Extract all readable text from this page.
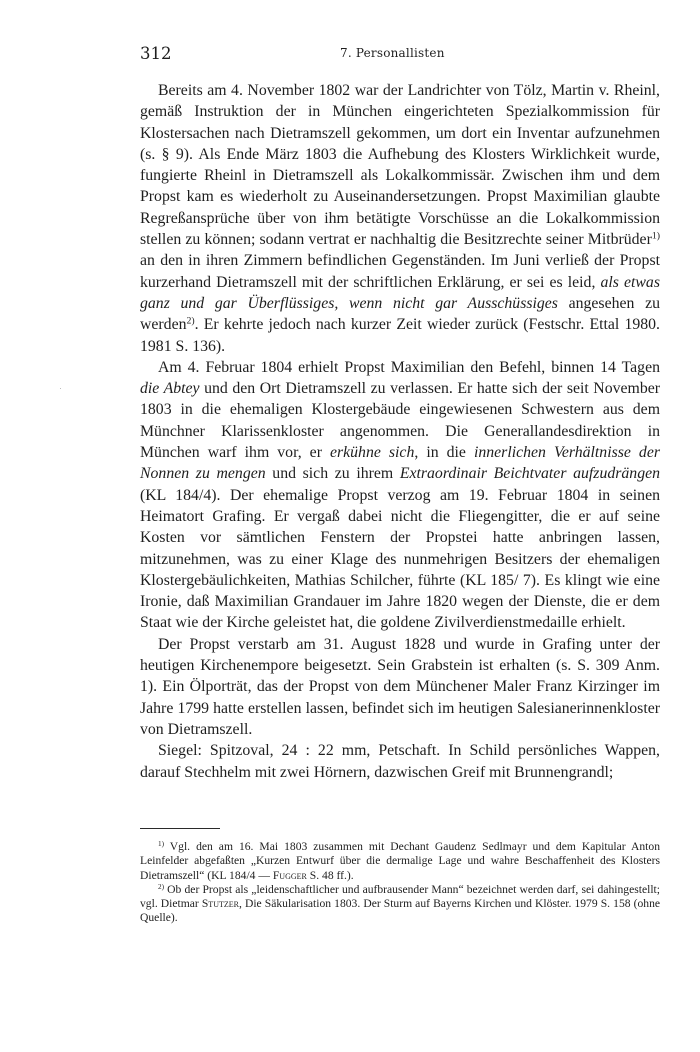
312	7. Personallisten

Bereits am 4. November 1802 war der Landrichter von Tölz, Martin v. Rheinl, gemäß Instruktion der in München eingerichteten Spezialkommission für Klostersachen nach Dietramszell gekommen, um dort ein Inventar aufzunehmen (s. § 9). Als Ende März 1803 die Aufhebung des Klosters Wirklichkeit wurde, fungierte Rheinl in Dietramszell als Lokalkommissär. Zwischen ihm und dem Propst kam es wiederholt zu Auseinandersetzungen. Propst Maximilian glaubte Regreßansprüche über von ihm betätigte Vorschüsse an die Lokalkommission stellen zu können; sodann vertrat er nachhaltig die Besitzrechte seiner Mitbrüder$^{1)}$ an den in ihren Zimmern befindlichen Gegenständen. Im Juni verließ der Propst kurzerhand Dietramszell mit der schriftlichen Erklärung, er sei es leid, als etwas ganz und gar Überflüssiges, wenn nicht gar Ausschüssiges angesehen zu werden$^{2)}$. Er kehrte jedoch nach kurzer Zeit wieder zurück (Festschr. Ettal 1980. 1981 S. 136).

Am 4. Februar 1804 erhielt Propst Maximilian den Befehl, binnen 14 Tagen die Abtey und den Ort Dietramszell zu verlassen. Er hatte sich der seit November 1803 in die ehemaligen Klostergebäude eingewiesenen Schwestern aus dem Münchner Klarissenkloster angenommen. Die Generallandesdirektion in München warf ihm vor, er erkühne sich, in die innerlichen Verhältnisse der Nonnen zu mengen und sich zu ihrem Extraordinair Beichtvater aufzudrängen (KL 184/4). Der ehemalige Propst verzog am 19. Februar 1804 in seinen Heimatort Grafing. Er vergaß dabei nicht die Fliegengitter, die er auf seine Kosten vor sämtlichen Fenstern der Propstei hatte anbringen lassen, mitzunehmen, was zu einer Klage des nunmehrigen Besitzers der ehemaligen Klostergebäulichkeiten, Mathias Schilcher, führte (KL 185/ 7). Es klingt wie eine Ironie, daß Maximilian Grandauer im Jahre 1820 wegen der Dienste, die er dem Staat wie der Kirche geleistet hat, die goldene Zivilverdienstmedaille erhielt.

Der Propst verstarb am 31. August 1828 und wurde in Grafing unter der heutigen Kirchenempore beigesetzt. Sein Grabstein ist erhalten (s. S. 309 Anm. 1). Ein Ölporträt, das der Propst von dem Münchener Maler Franz Kirzinger im Jahre 1799 hatte erstellen lassen, befindet sich im heutigen Salesianerinnenkloster von Dietramszell.

Siegel: Spitzoval, 24 : 22 mm, Petschaft. In Schild persönliches Wappen, darauf Stechhelm mit zwei Hörnern, dazwischen Greif mit Brunnengrandl;

$^{1)}$ Vgl. den am 16. Mai 1803 zusammen mit Dechant Gaudenz Sedlmayr und dem Kapitular Anton Leinfelder abgefaßten „Kurzen Entwurf über die dermalige Lage und wahre Beschaffenheit des Klosters Dietramszell“ (KL 184/4 — Fugger S. 48 ff.).

$^{2)}$ Ob der Propst als „leidenschaftlicher und aufbrausender Mann“ bezeichnet werden darf, sei dahingestellt; vgl. Dietmar Stutzer, Die Säkularisation 1803. Der Sturm auf Bayerns Kirchen und Klöster. 1979 S. 158 (ohne Quelle).
